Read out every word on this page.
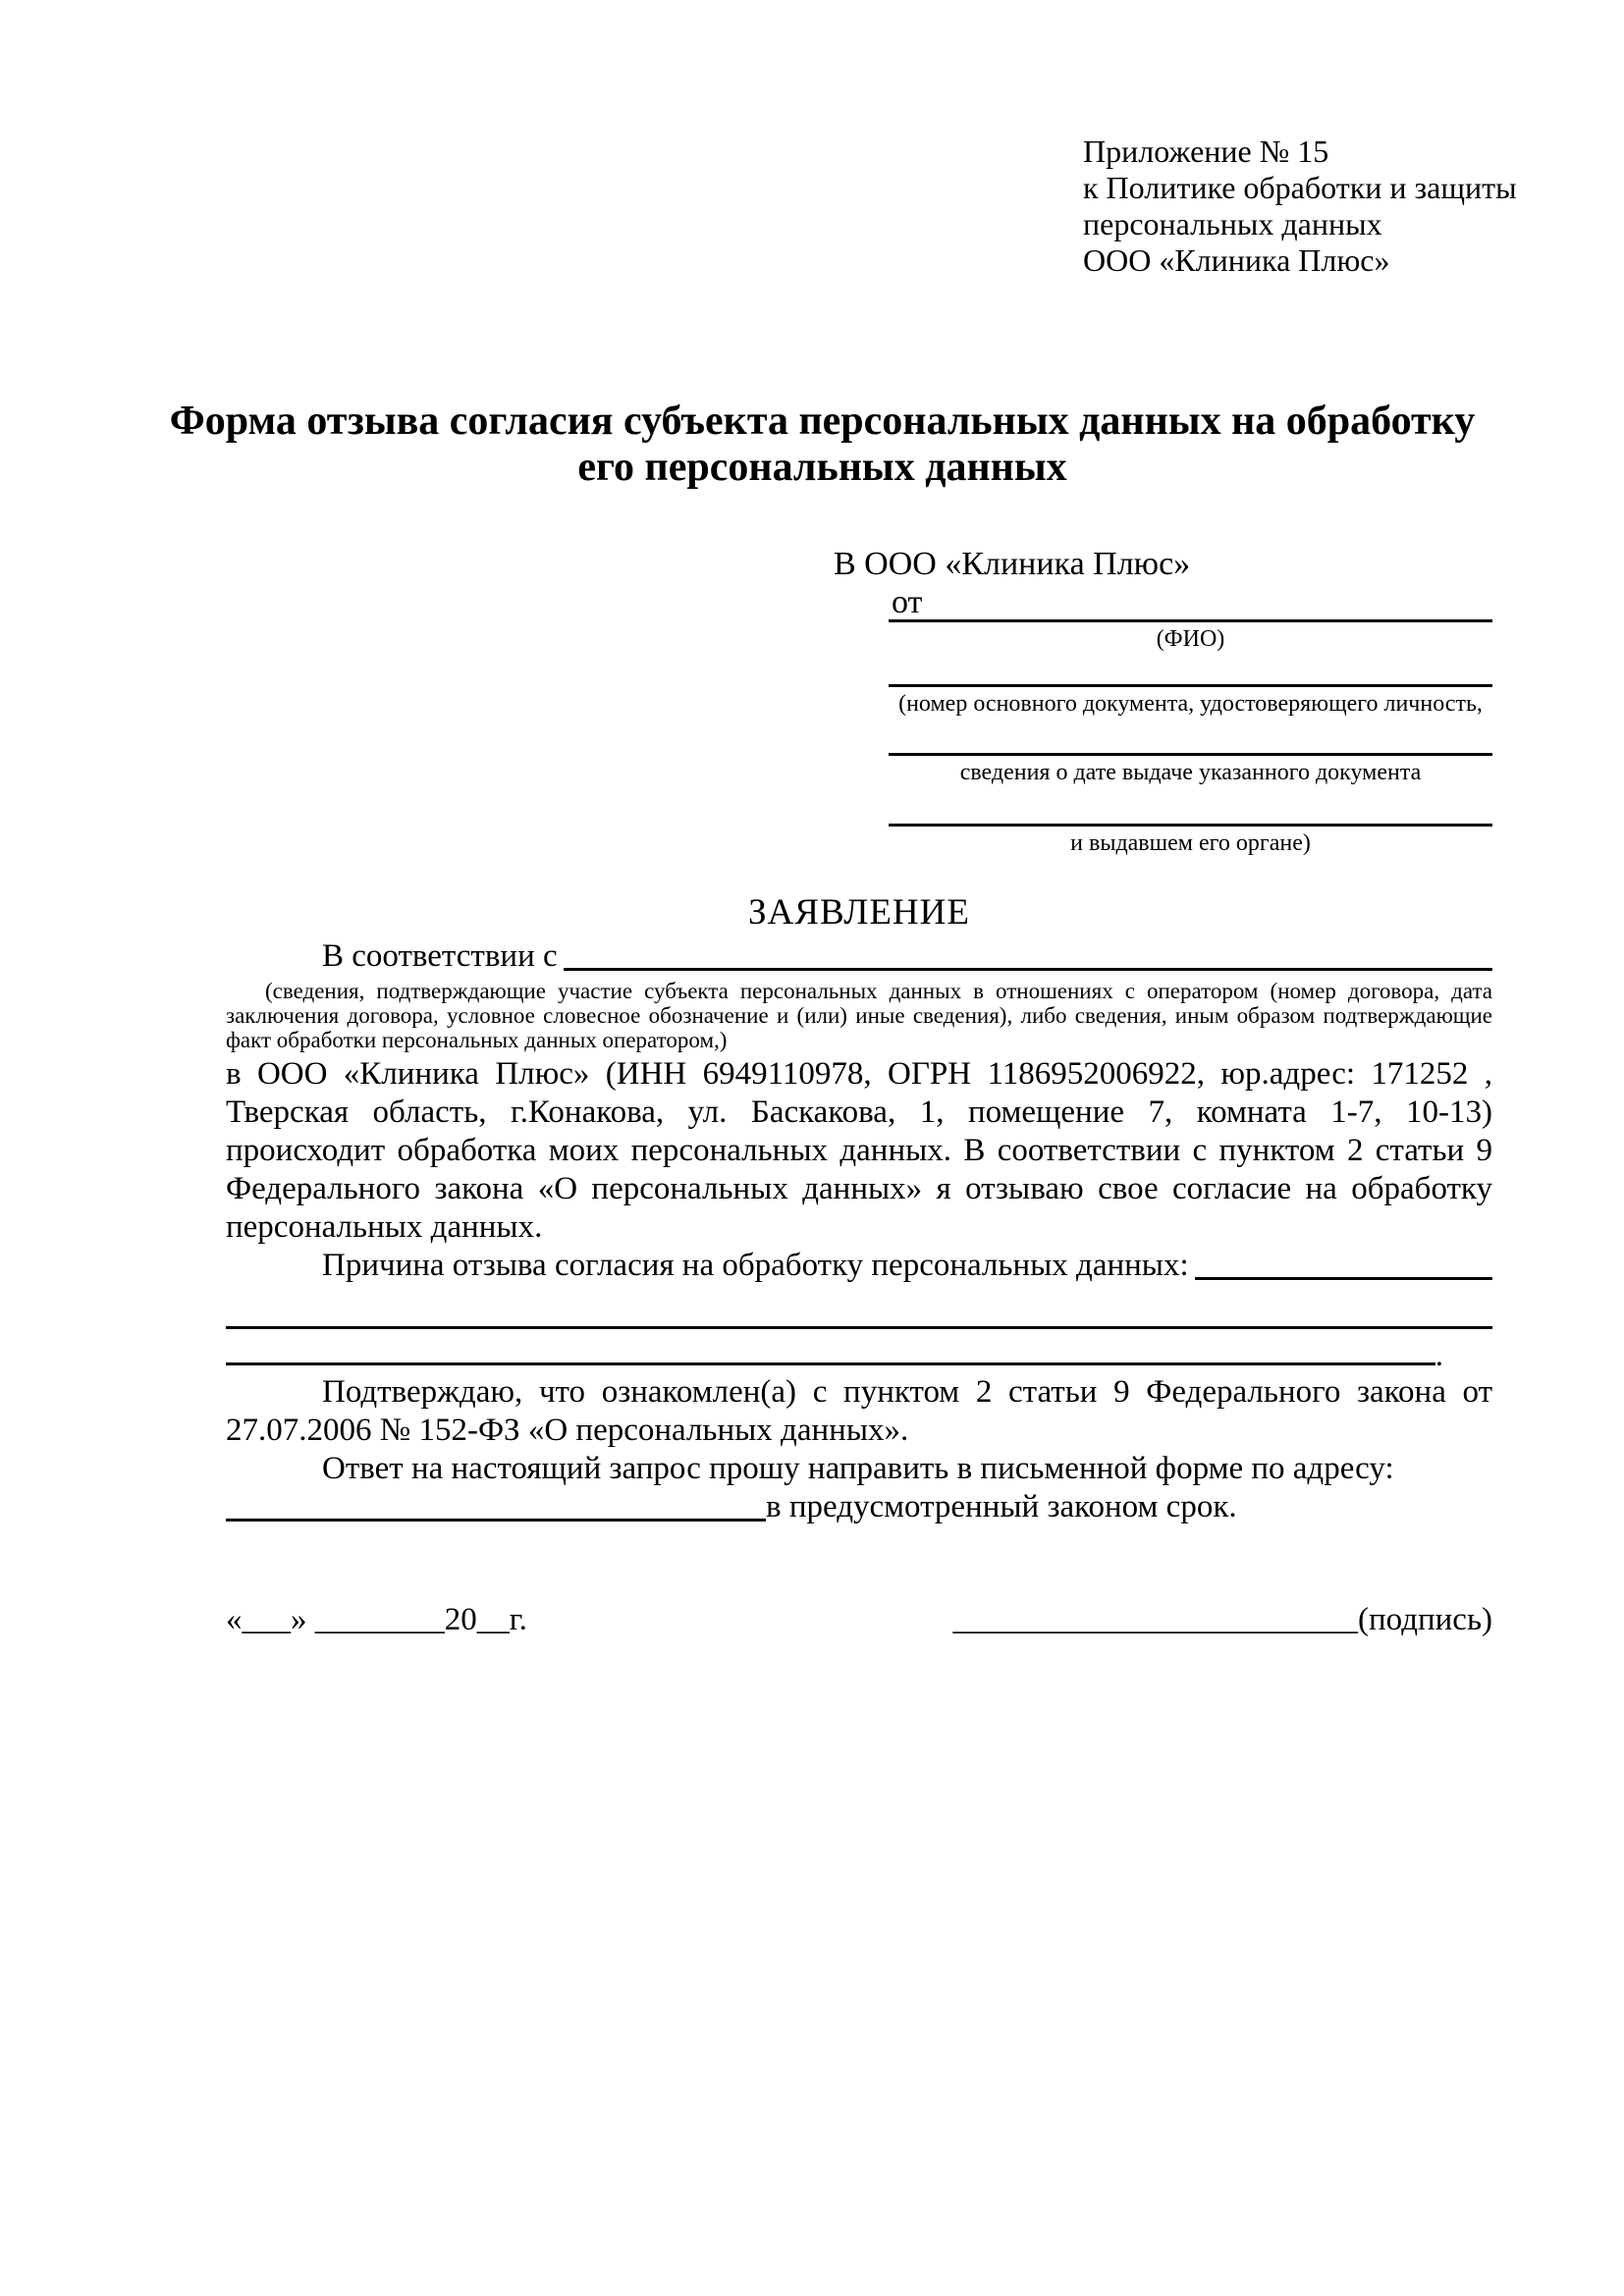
Приложение № 15
к Политике обработки и защиты
персональных данных
ООО «Клиника Плюс»
Форма отзыва согласия субъекта персональных данных на обработку
его персональных данных
В ООО «Клиника Плюс»
от
(ФИО)
(номер основного документа, удостоверяющего личность,
сведения о дате выдаче указанного документа
и выдавшем его органе)
ЗАЯВЛЕНИЕ
В соответствии с
(сведения, подтверждающие участие субъекта персональных данных в отношениях с оператором (номер договора, дата заключения договора, условное словесное обозначение и (или) иные сведения), либо сведения, иным образом подтверждающие факт обработки персональных данных оператором,)
в ООО «Клиника Плюс» (ИНН 6949110978, ОГРН 1186952006922, юр.адрес: 171252 , Тверская область, г.Конакова, ул. Баскакова, 1, помещение 7, комната 1-7, 10-13) происходит обработка моих персональных данных. В соответствии с пунктом 2 статьи 9 Федерального закона «О персональных данных» я отзываю свое согласие на обработку персональных данных.
Причина отзыва согласия на обработку персональных данных:
.
Подтверждаю, что ознакомлен(а) с пунктом 2 статьи 9 Федерального закона от 27.07.2006 № 152-ФЗ «О персональных данных».
Ответ на настоящий запрос прошу направить в письменной форме по адресу:
в предусмотренный законом срок.
«___» ________20__г.	_________________________(подпись)
